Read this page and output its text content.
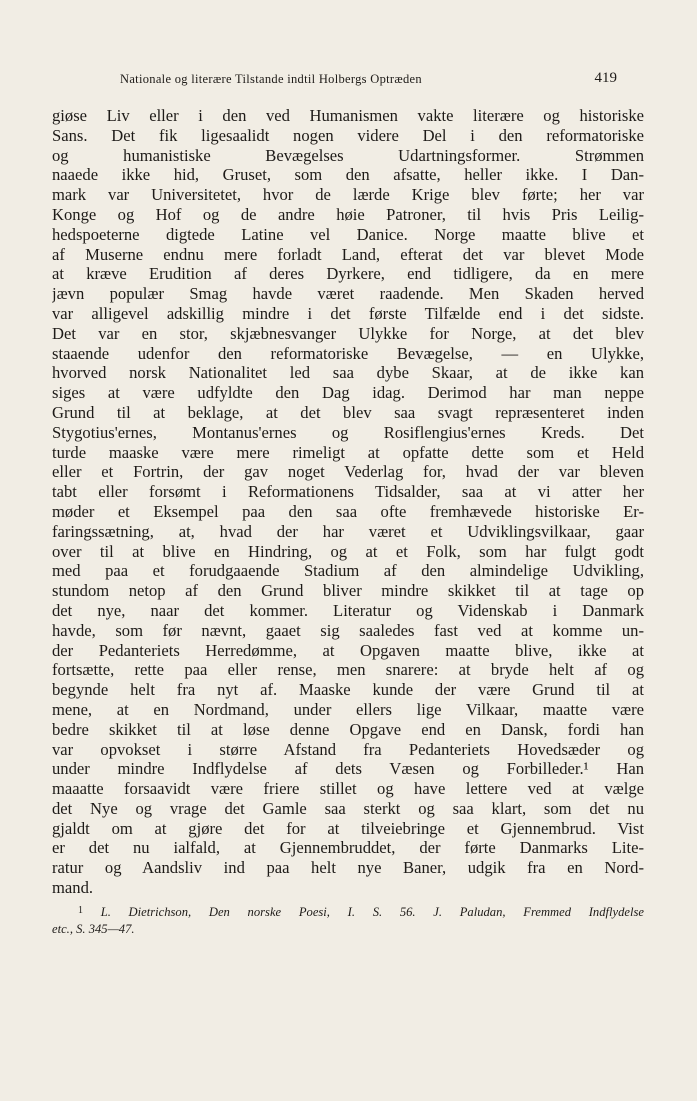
Nationale og literære Tilstande indtil Holbergs Optræden	419
giøse Liv eller i den ved Humanismen vakte literære og historiske
Sans. Det fik ligesaalidt nogen videre Del i den reformatoriske
og humanistiske Bevægelses Udartningsformer. Strømmen
naaede ikke hid, Gruset, som den afsatte, heller ikke. I Dan-
mark var Universitetet, hvor de lærde Krige blev førte; her var
Konge og Hof og de andre høie Patroner, til hvis Pris Leilig-
hedspoeterne digtede Latine vel Danice. Norge maatte blive et
af Muserne endnu mere forladt Land, efterat det var blevet Mode
at kræve Erudition af deres Dyrkere, end tidligere, da en mere
jævn populær Smag havde været raadende. Men Skaden herved
var alligevel adskillig mindre i det første Tilfælde end i det sidste.
Det var en stor, skjæbnesvanger Ulykke for Norge, at det blev
staaende udenfor den reformatoriske Bevægelse, — en Ulykke,
hvorved norsk Nationalitet led saa dybe Skaar, at de ikke kan
siges at være udfyldte den Dag idag. Derimod har man neppe
Grund til at beklage, at det blev saa svagt repræsenteret inden
Stygotius'ernes, Montanus'ernes og Rosiflengius'ernes Kreds. Det
turde maaske være mere rimeligt at opfatte dette som et Held
eller et Fortrin, der gav noget Vederlag for, hvad der var bleven
tabt eller forsømt i Reformationens Tidsalder, saa at vi atter her
møder et Eksempel paa den saa ofte fremhævede historiske Er-
faringssætning, at, hvad der har været et Udviklingsvilkaar, gaar
over til at blive en Hindring, og at et Folk, som har fulgt godt
med paa et forudgaaende Stadium af den almindelige Udvikling,
stundom netop af den Grund bliver mindre skikket til at tage op
det nye, naar det kommer. Literatur og Videnskab i Danmark
havde, som før nævnt, gaaet sig saaledes fast ved at komme un-
der Pedanteriets Herredømme, at Opgaven maatte blive, ikke at
fortsætte, rette paa eller rense, men snarere: at bryde helt af og
begynde helt fra nyt af. Maaske kunde der være Grund til at
mene, at en Nordmand, under ellers lige Vilkaar, maatte være
bedre skikket til at løse denne Opgave end en Dansk, fordi han
var opvokset i større Afstand fra Pedanteriets Hovedsæder og
under mindre Indflydelse af dets Væsen og Forbilleder.¹ Han
maaatte forsaavidt være friere stillet og have lettere ved at vælge
det Nye og vrage det Gamle saa sterkt og saa klart, som det nu
gjaldt om at gjøre det for at tilveiebringe et Gjennembrud. Vist
er det nu ialfald, at Gjennembruddet, der førte Danmarks Lite-
ratur og Aandsliv ind paa helt nye Baner, udgik fra en Nord-
mand.
$^1$ L. Dietrichson, Den norske Poesi, I. S. 56. J. Paludan, Fremmed Indflydelse
etc., S. 345—47.
